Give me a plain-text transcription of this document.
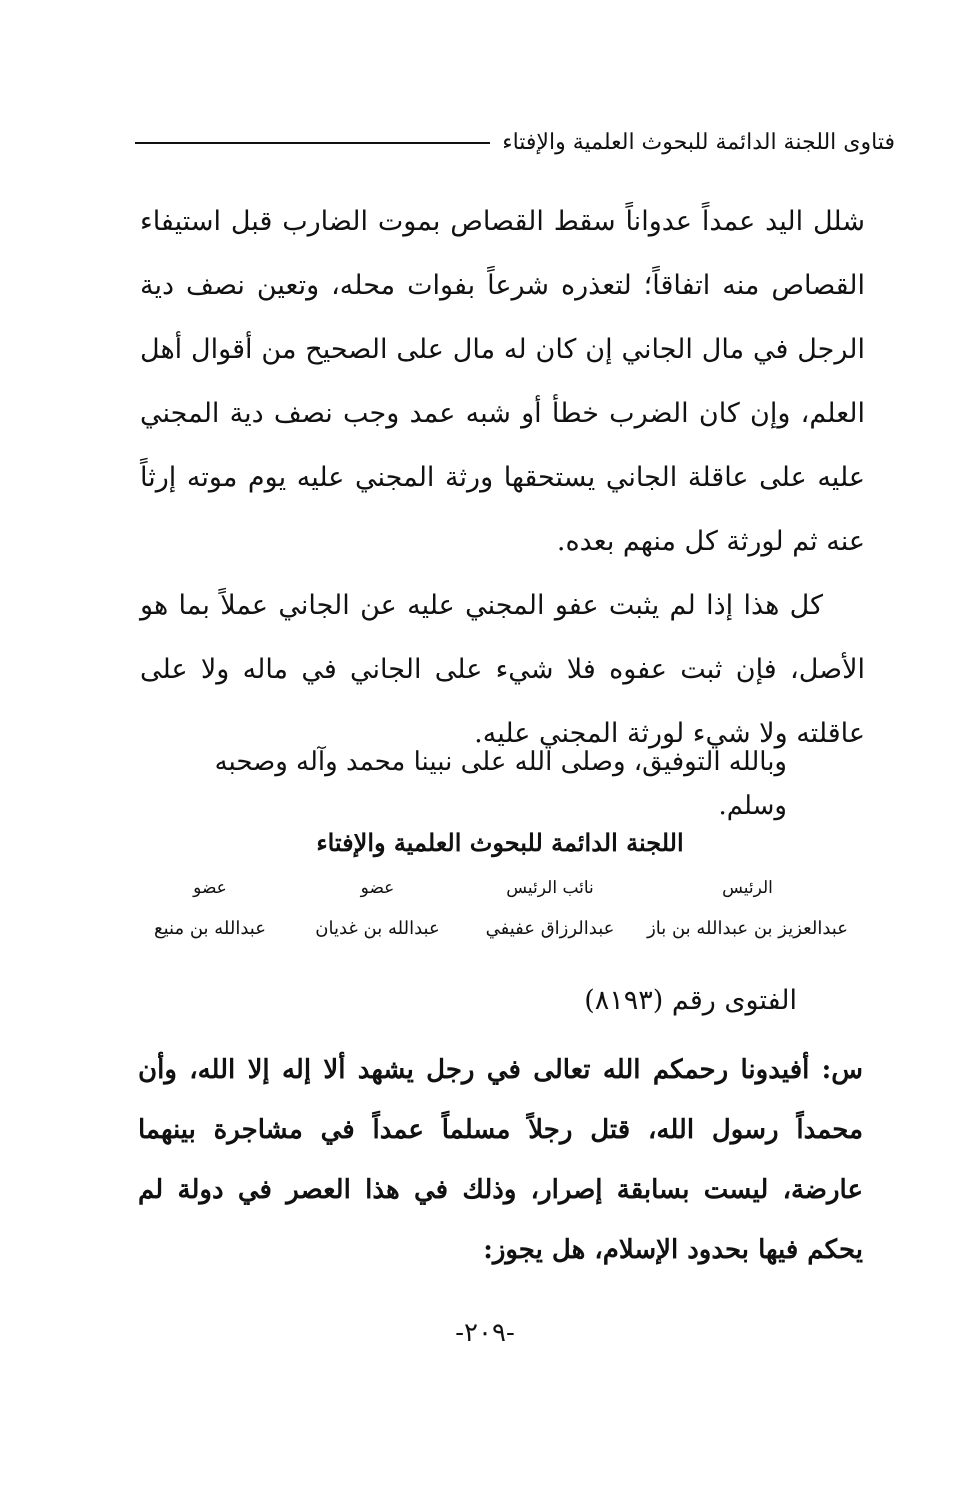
فتاوى اللجنة الدائمة للبحوث العلمية والإفتاء

شلل اليد عمداً عدواناً سقط القصاص بموت الضارب قبل استيفاء القصاص منه اتفاقاً؛ لتعذره شرعاً بفوات محله، وتعين نصف دية الرجل في مال الجاني إن كان له مال على الصحيح من أقوال أهل العلم، وإن كان الضرب خطأ أو شبه عمد وجب نصف دية المجني عليه على عاقلة الجاني يستحقها ورثة المجني عليه يوم موته إرثاً عنه ثم لورثة كل منهم بعده.

كل هذا إذا لم يثبت عفو المجني عليه عن الجاني عملاً بما هو الأصل، فإن ثبت عفوه فلا شيء على الجاني في ماله ولا على عاقلته ولا شيء لورثة المجني عليه.

وبالله التوفيق، وصلى الله على نبينا محمد وآله وصحبه وسلم.
اللجنة الدائمة للبحوث العلمية والإفتاء
عضو	عضو	نائب الرئيس	الرئيس
عبدالله بن منيع	عبدالله بن غديان	عبدالرزاق عفيفي	عبدالعزيز بن عبدالله بن باز
الفتوى رقم (٨١٩٣)
س: أفيدونا رحمكم الله تعالى في رجل يشهد ألا إله إلا الله، وأن محمداً رسول الله، قتل رجلاً مسلماً عمداً في مشاجرة بينهما عارضة، ليست بسابقة إصرار، وذلك في هذا العصر في دولة لم يحكم فيها بحدود الإسلام، هل يجوز:
-٢٠٩-
